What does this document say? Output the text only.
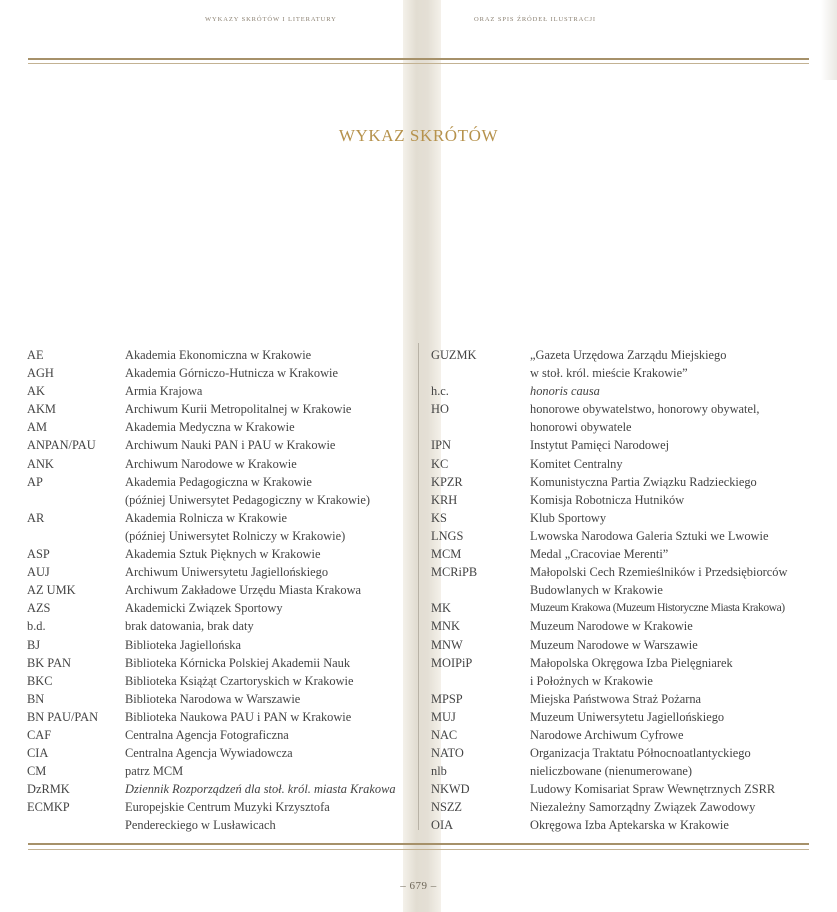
WYKAZY SKRÓTÓW I LITERATURY	ORAZ SPIS ŹRÓDEŁ ILUSTRACJI
WYKAZ SKRÓTÓW
AE	Akademia Ekonomiczna w Krakowie
AGH	Akademia Górniczo-Hutnicza w Krakowie
AK	Armia Krajowa
AKM	Archiwum Kurii Metropolitalnej w Krakowie
AM	Akademia Medyczna w Krakowie
ANPAN/PAU	Archiwum Nauki PAN i PAU w Krakowie
ANK	Archiwum Narodowe w Krakowie
AP	Akademia Pedagogiczna w Krakowie
(później Uniwersytet Pedagogiczny w Krakowie)
AR	Akademia Rolnicza w Krakowie
(później Uniwersytet Rolniczy w Krakowie)
ASP	Akademia Sztuk Pięknych w Krakowie
AUJ	Archiwum Uniwersytetu Jagiellońskiego
AZ UMK	Archiwum Zakładowe Urzędu Miasta Krakowa
AZS	Akademicki Związek Sportowy
b.d.	brak datowania, brak daty
BJ	Biblioteka Jagiellońska
BK PAN	Biblioteka Kórnicka Polskiej Akademii Nauk
BKC	Biblioteka Książąt Czartoryskich w Krakowie
BN	Biblioteka Narodowa w Warszawie
BN PAU/PAN	Biblioteka Naukowa PAU i PAN w Krakowie
CAF	Centralna Agencja Fotograficzna
CIA	Centralna Agencja Wywiadowcza
CM	patrz MCM
DzRMK	Dziennik Rozporządzeń dla stoł. król. miasta Krakowa
ECMKP	Europejskie Centrum Muzyki Krzysztofa
Pendereckiego w Lusławicach
GUZMK	„Gazeta Urzędowa Zarządu Miejskiego
w stoł. król. mieście Krakowie”
h.c.	honoris causa
HO	honorowe obywatelstwo, honorowy obywatel,
honorowi obywatele
IPN	Instytut Pamięci Narodowej
KC	Komitet Centralny
KPZR	Komunistyczna Partia Związku Radzieckiego
KRH	Komisja Robotnicza Hutników
KS	Klub Sportowy
LNGS	Lwowska Narodowa Galeria Sztuki we Lwowie
MCM	Medal „Cracoviae Merenti”
MCRiPB	Małopolski Cech Rzemieślników i Przedsiębiorców
Budowlanych w Krakowie
MK	Muzeum Krakowa (Muzeum Historyczne Miasta Krakowa)
MNK	Muzeum Narodowe w Krakowie
MNW	Muzeum Narodowe w Warszawie
MOIPiP	Małopolska Okręgowa Izba Pielęgniarek
i Położnych w Krakowie
MPSP	Miejska Państwowa Straż Pożarna
MUJ	Muzeum Uniwersytetu Jagiellońskiego
NAC	Narodowe Archiwum Cyfrowe
NATO	Organizacja Traktatu Północnoatlantyckiego
nlb	nieliczbowane (nienumerowane)
NKWD	Ludowy Komisariat Spraw Wewnętrznych ZSRR
NSZZ	Niezależny Samorządny Związek Zawodowy
OIA	Okręgowa Izba Aptekarska w Krakowie
– 679 –
